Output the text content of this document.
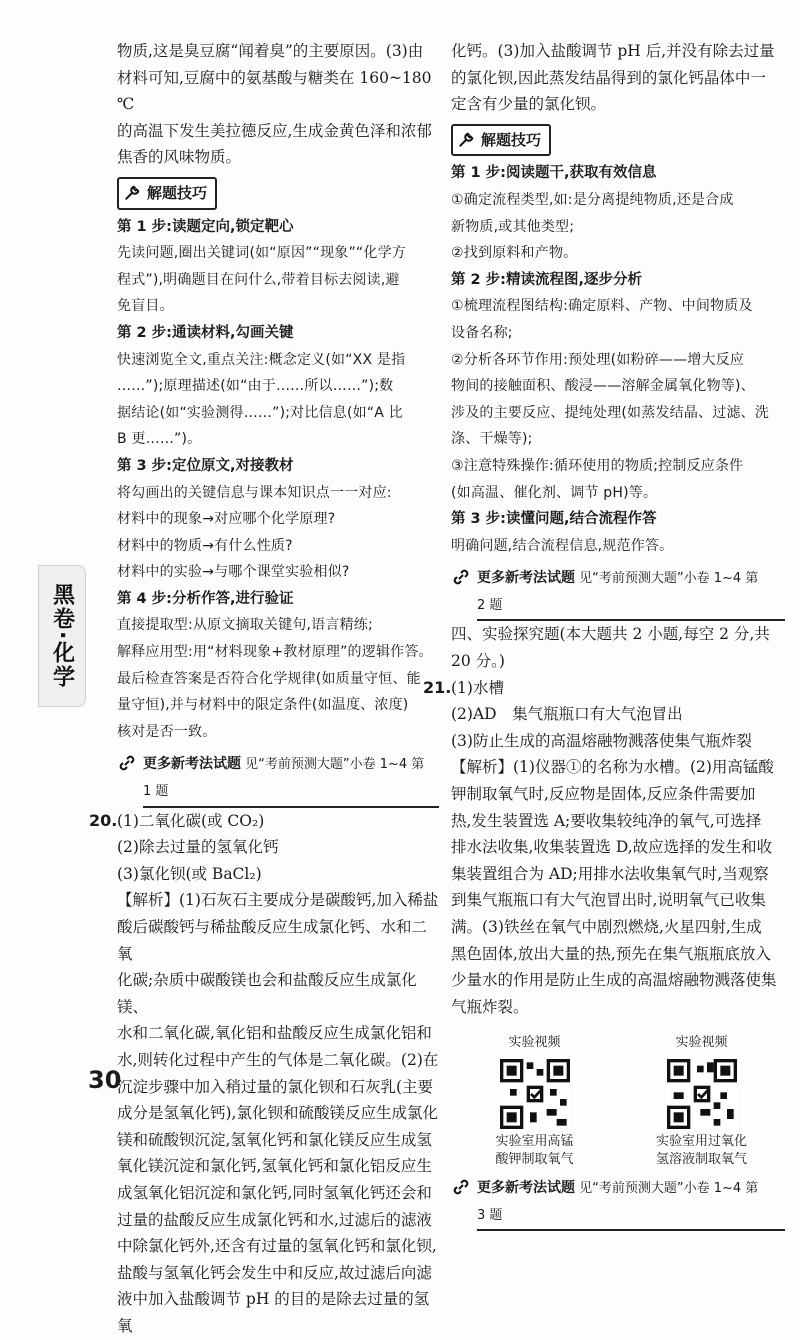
物质,这是臭豆腐“闻着臭”的主要原因。(3)由

材料可知,豆腐中的氨基酸与糖类在 160~180 ℃

的高温下发生美拉德反应,生成金黄色泽和浓郁

焦香的风味物质。

解题技巧

第 1 步:读题定向,锁定靶心

先读问题,圈出关键词(如“原因”“现象”“化学方

程式”),明确题目在问什么,带着目标去阅读,避

免盲目。

第 2 步:通读材料,勾画关键

快速浏览全文,重点关注:概念定义(如“XX 是指

……”);原理描述(如“由于……所以……”);数

据结论(如“实验测得……”);对比信息(如“A 比

B 更……”)。

第 3 步:定位原文,对接教材

将勾画出的关键信息与课本知识点一一对应:

材料中的现象→对应哪个化学原理?

材料中的物质→有什么性质?

材料中的实验→与哪个课堂实验相似?

第 4 步:分析作答,进行验证

直接提取型:从原文摘取关键句,语言精练;

解释应用型:用“材料现象+教材原理”的逻辑作答。

最后检查答案是否符合化学规律(如质量守恒、能

量守恒),并与材料中的限定条件(如温度、浓度)

核对是否一致。

更多新考法试题 见“考前预测大题”小卷 1~4 第
1 题
20. (1)二氧化碳(或 CO₂)

(2)除去过量的氢氧化钙

(3)氯化钡(或 BaCl₂)

【解析】(1)石灰石主要成分是碳酸钙,加入稀盐

酸后碳酸钙与稀盐酸反应生成氯化钙、水和二氧

化碳;杂质中碳酸镁也会和盐酸反应生成氯化镁、

水和二氧化碳,氧化铝和盐酸反应生成氯化铝和

水,则转化过程中产生的气体是二氧化碳。(2)在

沉淀步骤中加入稍过量的氯化钡和石灰乳(主要

成分是氢氧化钙),氯化钡和硫酸镁反应生成氯化

镁和硫酸钡沉淀,氢氧化钙和氯化镁反应生成氢

氧化镁沉淀和氯化钙,氢氧化钙和氯化铝反应生

成氢氧化铝沉淀和氯化钙,同时氢氧化钙还会和

过量的盐酸反应生成氯化钙和水,过滤后的滤液

中除氯化钙外,还含有过量的氢氧化钙和氯化钡,

盐酸与氢氧化钙会发生中和反应,故过滤后向滤

液中加入盐酸调节 pH 的目的是除去过量的氢氧

化钙。(3)加入盐酸调节 pH 后,并没有除去过量

的氯化钡,因此蒸发结晶得到的氯化钙晶体中一

定含有少量的氯化钡。

解题技巧

第 1 步:阅读题干,获取有效信息

①确定流程类型,如:是分离提纯物质,还是合成

新物质,或其他类型;

②找到原料和产物。

第 2 步:精读流程图,逐步分析

①梳理流程图结构:确定原料、产物、中间物质及

设备名称;

②分析各环节作用:预处理(如粉碎——增大反应

物间的接触面积、酸浸——溶解金属氧化物等)、

涉及的主要反应、提纯处理(如蒸发结晶、过滤、洗

涤、干燥等);

③注意特殊操作:循环使用的物质;控制反应条件

(如高温、催化剂、调节 pH)等。

第 3 步:读懂问题,结合流程作答

明确问题,结合流程信息,规范作答。

更多新考法试题 见“考前预测大题”小卷 1~4 第
2 题

四、实验探究题(本大题共 2 小题,每空 2 分,共

20 分。)

21. (1)水槽

(2)AD　集气瓶瓶口有大气泡冒出

(3)防止生成的高温熔融物溅落使集气瓶炸裂

【解析】(1)仪器①的名称为水槽。(2)用高锰酸

钾制取氧气时,反应物是固体,反应条件需要加

热,发生装置选 A;要收集较纯净的氧气,可选择

排水法收集,收集装置选 D,故应选择的发生和收

集装置组合为 AD;用排水法收集氧气时,当观察

到集气瓶瓶口有大气泡冒出时,说明氧气已收集

满。(3)铁丝在氧气中剧烈燃烧,火星四射,生成

黑色固体,放出大量的热,预先在集气瓶瓶底放入

少量水的作用是防止生成的高温熔融物溅落使集

气瓶炸裂。

实验视频
实验室用高锰
酸钾制取氧气
实验视频
实验室用过氧化
氢溶液制取氧气
更多新考法试题 见“考前预测大题”小卷 1~4 第
3 题
黑卷·化学
30
